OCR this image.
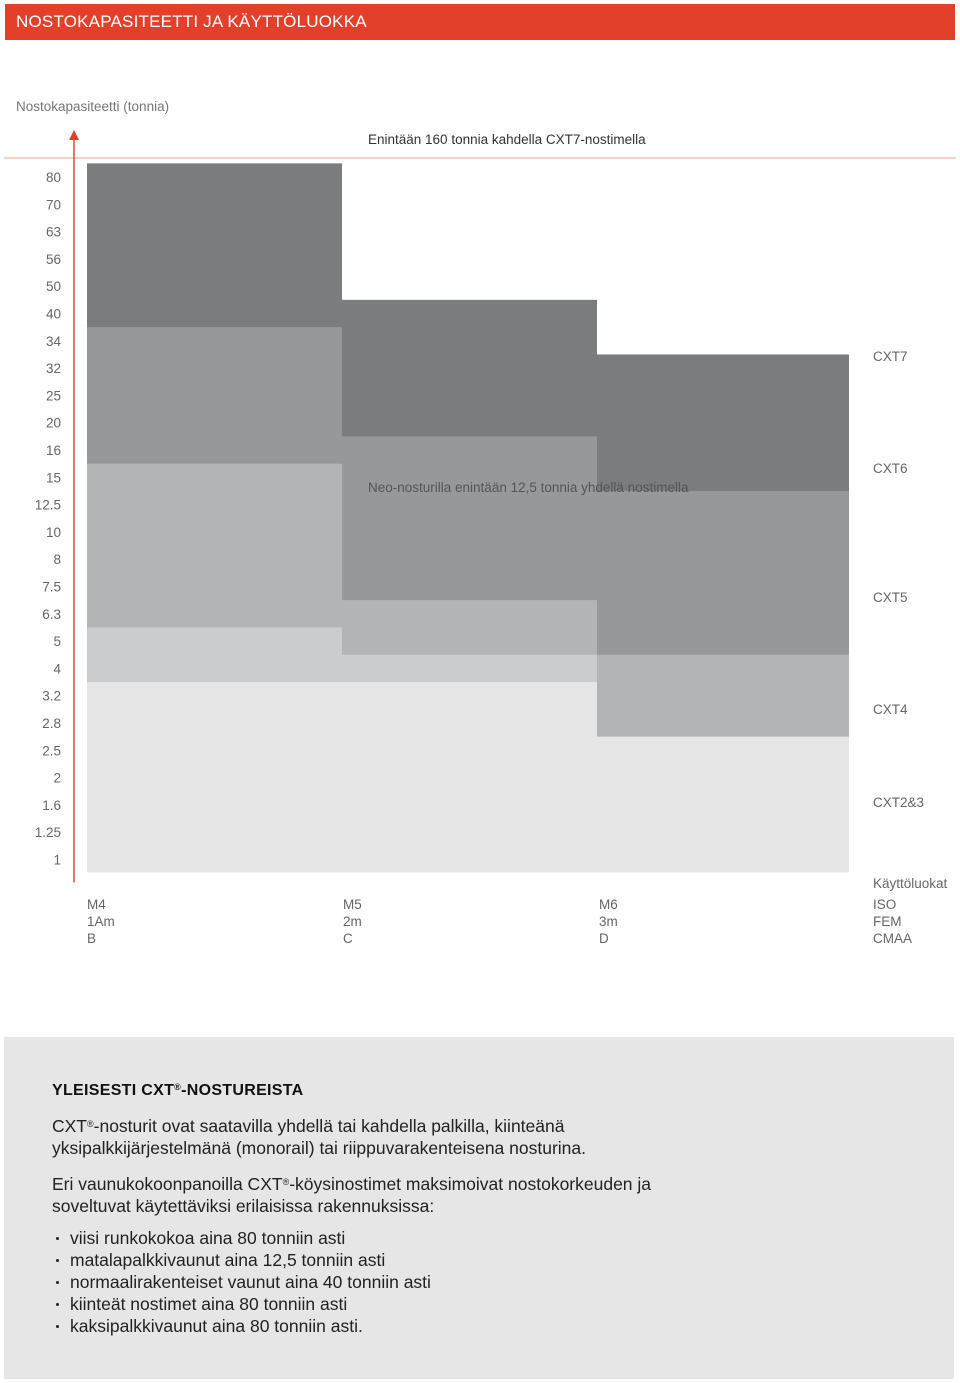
NOSTOKAPASITEETTI JA KÄYTTÖLUOKKA
CXT7
CXT6
CXT5
CXT4
CXT2&3
80
70
63
56
50
40
34
32
25
20
16
15
12.5
10
8
7.5
6.3
5
4
3.2
2.8
2.5
2
1.6
1.25
1
Nostokapasiteetti (tonnia)
Enintään 160 tonnia kahdella CXT7-nostimella
Neo-nosturilla enintään 12,5 tonnia yhdellä nostimella
Käyttöluokat
ISO
FEM
CMAA
M4
1Am
B
M5
2m
C
M6
3m
D
YLEISESTI CXT®-NOSTUREISTA

CXT®-nosturit ovat saatavilla yhdellä tai kahdella palkilla, kiinteänä
yksipalkkijärjestelmänä (monorail) tai riippuvarakenteisena nosturina.

Eri vaunukokoonpanoilla CXT®-köysinostimet maksimoivat nostokorkeuden ja
soveltuvat käytettäviksi erilaisissa rakennuksissa:

viisi runkokokoa aina 80 tonniin asti
matalapalkkivaunut aina 12,5 tonniin asti
normaalirakenteiset vaunut aina 40 tonniin asti
kiinteät nostimet aina 80 tonniin asti
kaksipalkkivaunut aina 80 tonniin asti.
